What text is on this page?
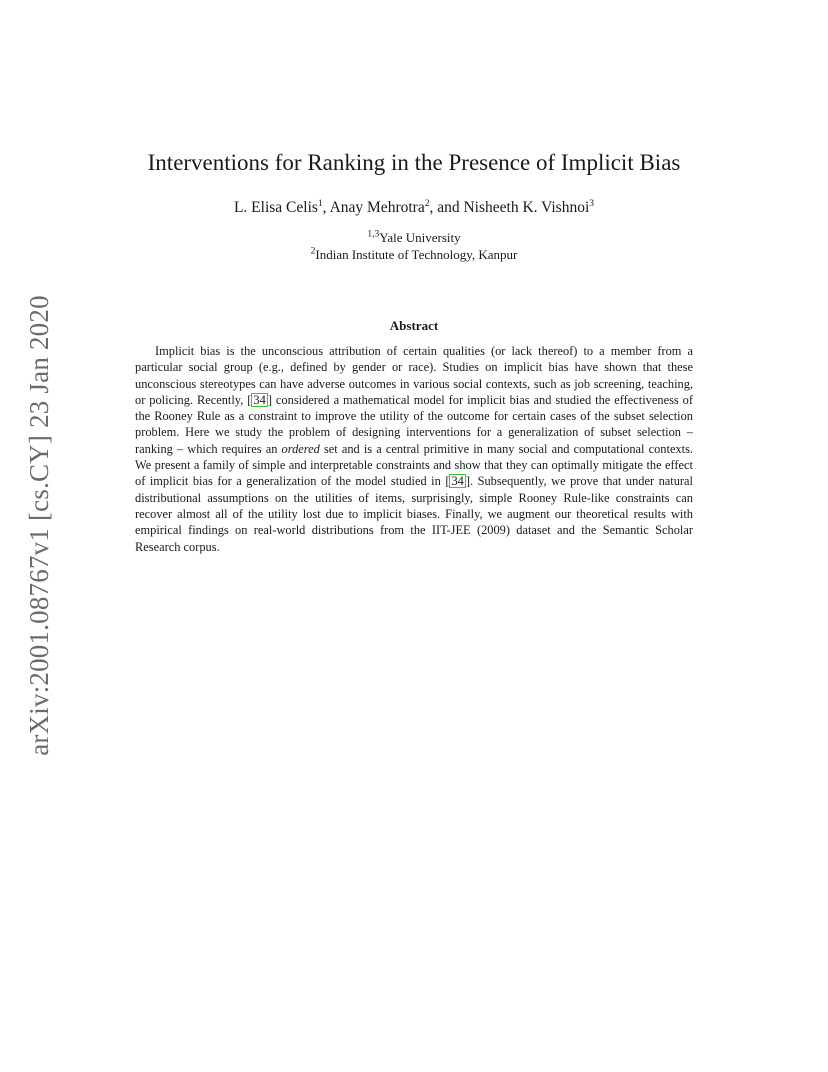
arXiv:2001.08767v1 [cs.CY] 23 Jan 2020
Interventions for Ranking in the Presence of Implicit Bias
L. Elisa Celis$^1$, Anay Mehrotra$^2$, and Nisheeth K. Vishnoi$^3$
$^{1,3}$Yale University
$^2$Indian Institute of Technology, Kanpur
Abstract
Implicit bias is the unconscious attribution of certain qualities (or lack thereof) to a member from a particular social group (e.g., defined by gender or race). Studies on implicit bias have shown that these unconscious stereotypes can have adverse outcomes in various social contexts, such as job screening, teaching, or policing. Recently, [ 34 ] considered a mathematical model for implicit bias and studied the effectiveness of the Rooney Rule as a constraint to improve the utility of the outcome for certain cases of the subset selection problem. Here we study the problem of designing interventions for a generalization of subset selection – ranking – which requires an ordered set and is a central primitive in many social and computational contexts. We present a family of simple and interpretable constraints and show that they can optimally mitigate the effect of implicit bias for a generalization of the model studied in [ 34 ]. Subsequently, we prove that under natural distributional assumptions on the utilities of items, surprisingly, simple Rooney Rule-like constraints can recover almost all of the utility lost due to implicit biases. Finally, we augment our theoretical results with empirical findings on real-world distributions from the IIT-JEE (2009) dataset and the Semantic Scholar Research corpus.
